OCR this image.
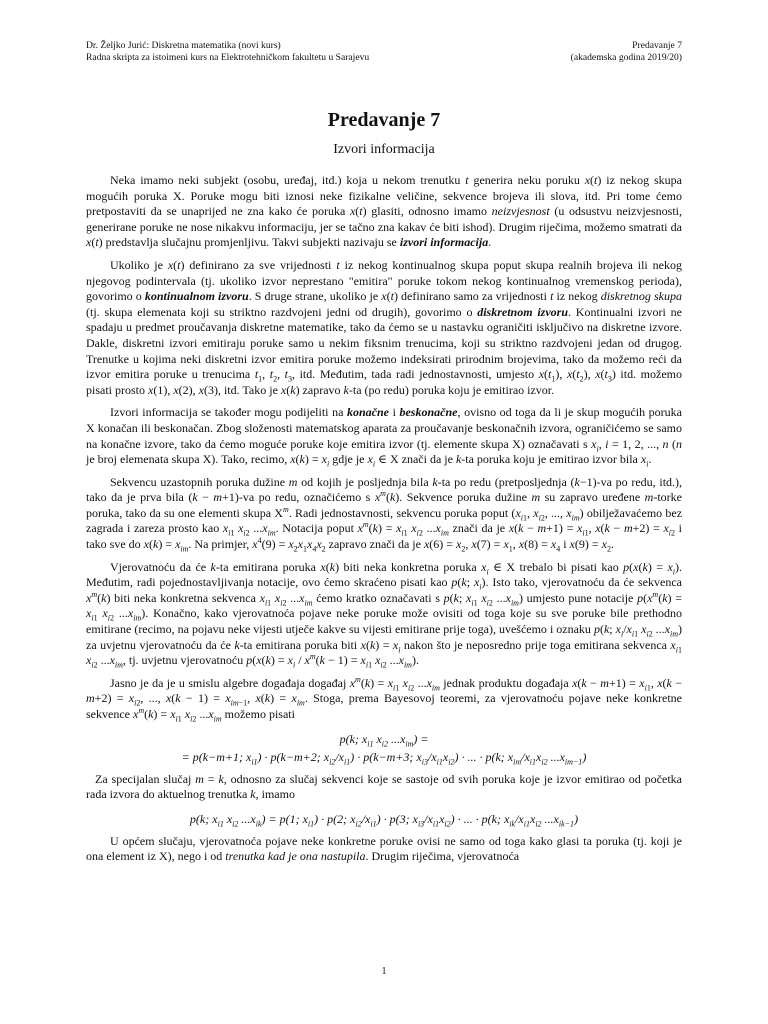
Dr. Željko Jurić: Diskretna matematika (novi kurs)
Radna skripta za istoimeni kurs na Elektrotehničkom fakultetu u Sarajevu
Predavanje 7
(akademska godina 2019/20)
Predavanje 7
Izvori informacija

Neka imamo neki subjekt (osobu, uređaj, itd.) koja u nekom trenutku t generira neku poruku x(t) iz nekog skupa mogućih poruka X. Poruke mogu biti iznosi neke fizikalne veličine, sekvence brojeva ili slova, itd. Pri tome ćemo pretpostaviti da se unaprijed ne zna kako će poruka x(t) glasiti, odnosno imamo neizvjesnost (u odsustvu neizvjesnosti, generirane poruke ne nose nikakvu informaciju, jer se tačno zna kakav će biti ishod). Drugim riječima, možemo smatrati da x(t) predstavlja slučajnu promjenljivu. Takvi subjekti nazivaju se izvori informacija.

Ukoliko je x(t) definirano za sve vrijednosti t iz nekog kontinualnog skupa poput skupa realnih brojeva ili nekog njegovog podintervala (tj. ukoliko izvor neprestano "emitira" poruke tokom nekog kontinualnog vremenskog perioda), govorimo o kontinualnom izvoru. S druge strane, ukoliko je x(t) definirano samo za vrijednosti t iz nekog diskretnog skupa (tj. skupa elemenata koji su striktno razdvojeni jedni od drugih), govorimo o diskretnom izvoru. Kontinualni izvori ne spadaju u predmet proučavanja diskretne matematike, tako da ćemo se u nastavku ograničiti isključivo na diskretne izvore. Dakle, diskretni izvori emitiraju poruke samo u nekim fiksnim trenucima, koji su striktno razdvojeni jedan od drugog. Trenutke u kojima neki diskretni izvor emitira poruke možemo indeksirati prirodnim brojevima, tako da možemo reći da izvor emitira poruke u trenucima $t_1$, $t_2$, $t_3$, itd. Međutim, tada radi jednostavnosti, umjesto $x(t_1)$, $x(t_2)$, $x(t_3)$ itd. možemo pisati prosto x(1), x(2), x(3), itd. Tako je x(k) zapravo k-ta (po redu) poruka koju je emitirao izvor.

Izvori informacija se također mogu podijeliti na konačne i beskonačne, ovisno od toga da li je skup mogućih poruka X konačan ili beskonačan. Zbog složenosti matematskog aparata za proučavanje beskonačnih izvora, ograničićemo se samo na konačne izvore, tako da ćemo moguće poruke koje emitira izvor (tj. elemente skupa X) označavati s $x_i$, i = 1, 2, ..., n (n je broj elemenata skupa X). Tako, recimo, $x(k) = x_i$ gdje je $x_i$ ∈ X znači da je k-ta poruka koju je emitirao izvor bila $x_i$.

Sekvencu uzastopnih poruka dužine m od kojih je posljednja bila k-ta po redu (pretposljednja (k−1)-va po redu, itd.), tako da je prva bila (k − m+1)-va po redu, označićemo s $x^m(k)$. Sekvence poruka dužine m su zapravo uređene m-torke poruka, tako da su one elementi skupa $X^m$. Radi jednostavnosti, sekvencu poruka poput ($x_{i1}$, $x_{i2}$, ..., $x_{im}$) obilježavaćemo bez zagrada i zareza prosto kao $x_{i1}$ $x_{i2}$ $...x_{im}$. Notacija poput $x^m(k) = x_{i1}$ $x_{i2}$ $...x_{im}$ znači da je $x(k - m+1) = x_{i1}$, $x(k - m+2) = x_{i2}$ i tako sve do $x(k) = x_{im}$. Na primjer, $x^4(9) = x_2x_1x_4x_2$ zapravo znači da je $x(6) = x_2$, $x(7) = x_1$, $x(8) = x_4$ i $x(9) = x_2$.

Vjerovatnoću da će k-ta emitirana poruka x(k) biti neka konkretna poruka $x_i$ ∈ X trebalo bi pisati kao $p(x(k) = x_i)$. Međutim, radi pojednostavljivanja notacije, ovo ćemo skraćeno pisati kao p(k; $x_i$). Isto tako, vjerovatnoću da će sekvenca $x^m(k)$ biti neka konkretna sekvenca $x_{i1}$ $x_{i2}$ $...x_{im}$ ćemo kratko označavati s p(k; $x_{i1}$ $x_{i2}$ $...x_{im}$) umjesto pune notacije $p(x^m(k) = x_{i1}$ $x_{i2}$ $...x_{im}$). Konačno, kako vjerovatnoća pojave neke poruke može ovisiti od toga koje su sve poruke bile prethodno emitirane (recimo, na pojavu neke vijesti utječe kakve su vijesti emitirane prije toga), uvešćemo i oznaku p(k; $x_i/x_{i1}$ $x_{i2}$ $...x_{im}$) za uvjetnu vjerovatnoću da će k-ta emitirana poruka biti $x(k) = x_i$ nakon što je neposredno prije toga emitirana sekvenca $x_{i1}$ $x_{i2}$ $...x_{im}$, tj. uvjetnu vjerovatnoću $p(x(k) = x_i / x^m(k - 1) = x_{i1}$ $x_{i2}$ $...x_{im}$).

Jasno je da je u smislu algebre događaja događaj $x^m(k) = x_{i1}$ $x_{i2}$ $...x_{im}$ jednak produktu događaja $x(k - m+1) = x_{i1}$, $x(k - m+2) = x_{i2}$, ..., $x(k - 1) = x_{im-1}$, $x(k) = x_{im}$. Stoga, prema Bayesovoj teoremi, za vjerovatnoću pojave neke konkretne sekvence $x^m(k) = x_{i1}$ $x_{i2}$ $...x_{im}$ možemo pisati

p(k; $x_{i1}$ $x_{i2}$ $...x_{im}$) =
= p(k−m+1; $x_{i1}) \cdot p(k-m+2$; $x_{i2}/x_{i1}) \cdot p(k-m+3$; $x_{i3}/x_{i1}x_{i2}$) · ... · p(k; $x_{im}/x_{i1}x_{i2}$ $...x_{im-1}$)

Za specijalan slučaj m = k, odnosno za slučaj sekvenci koje se sastoje od svih poruka koje je izvor emitirao od početka rada izvora do aktuelnog trenutka k, imamo

p(k; $x_{i1}$ $x_{i2}$ $...x_{ik}) = p(1$; $x_{i1}) \cdot p(2$; $x_{i2}/x_{i1}) \cdot p(3$; $x_{i3}/x_{i1}x_{i2}$) · ... · p(k; $x_{ik}/x_{i1}x_{i2}$ $...x_{ik-1}$)

U općem slučaju, vjerovatnoća pojave neke konkretne poruke ovisi ne samo od toga kako glasi ta poruka (tj. koji je ona element iz X), nego i od trenutka kad je ona nastupila. Drugim riječima, vjerovatnoća

1
